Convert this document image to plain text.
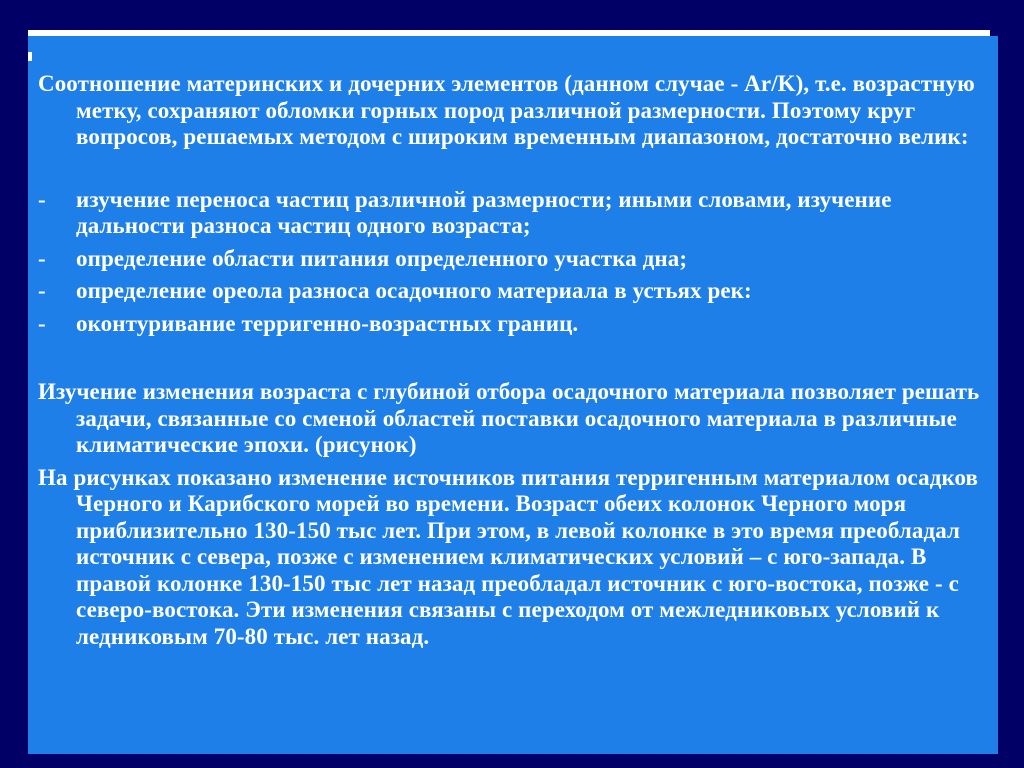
Соотношение материнских и дочерних элементов (данном случае - Ar/K), т.е. возрастную метку, сохраняют обломки горных пород различной размерности. Поэтому круг вопросов, решаемых методом с широким временным диапазоном, достаточно велик:

-	изучение переноса частиц различной размерности; иными словами, изучение дальности разноса частиц одного возраста;
-	определение области питания определенного участка дна;
-	определение ореола разноса осадочного материала в устьях рек:
-	оконтуривание терригенно-возрастных границ.

Изучение изменения возраста с глубиной отбора осадочного материала позволяет решать задачи, связанные со сменой областей поставки осадочного материала в различные климатические эпохи. (рисунок)

На рисунках показано изменение источников питания терригенным материалом осадков Черного и Карибского морей во времени. Возраст обеих колонок Черного моря приблизительно 130-150 тыс лет. При этом, в левой колонке в это время преобладал источник с севера, позже с изменением климатических условий – с юго-запада. В правой колонке 130-150 тыс лет назад преобладал источник с юго-востока, позже - с северо-востока. Эти изменения связаны с переходом от межледниковых условий к ледниковым 70-80 тыс. лет назад.
